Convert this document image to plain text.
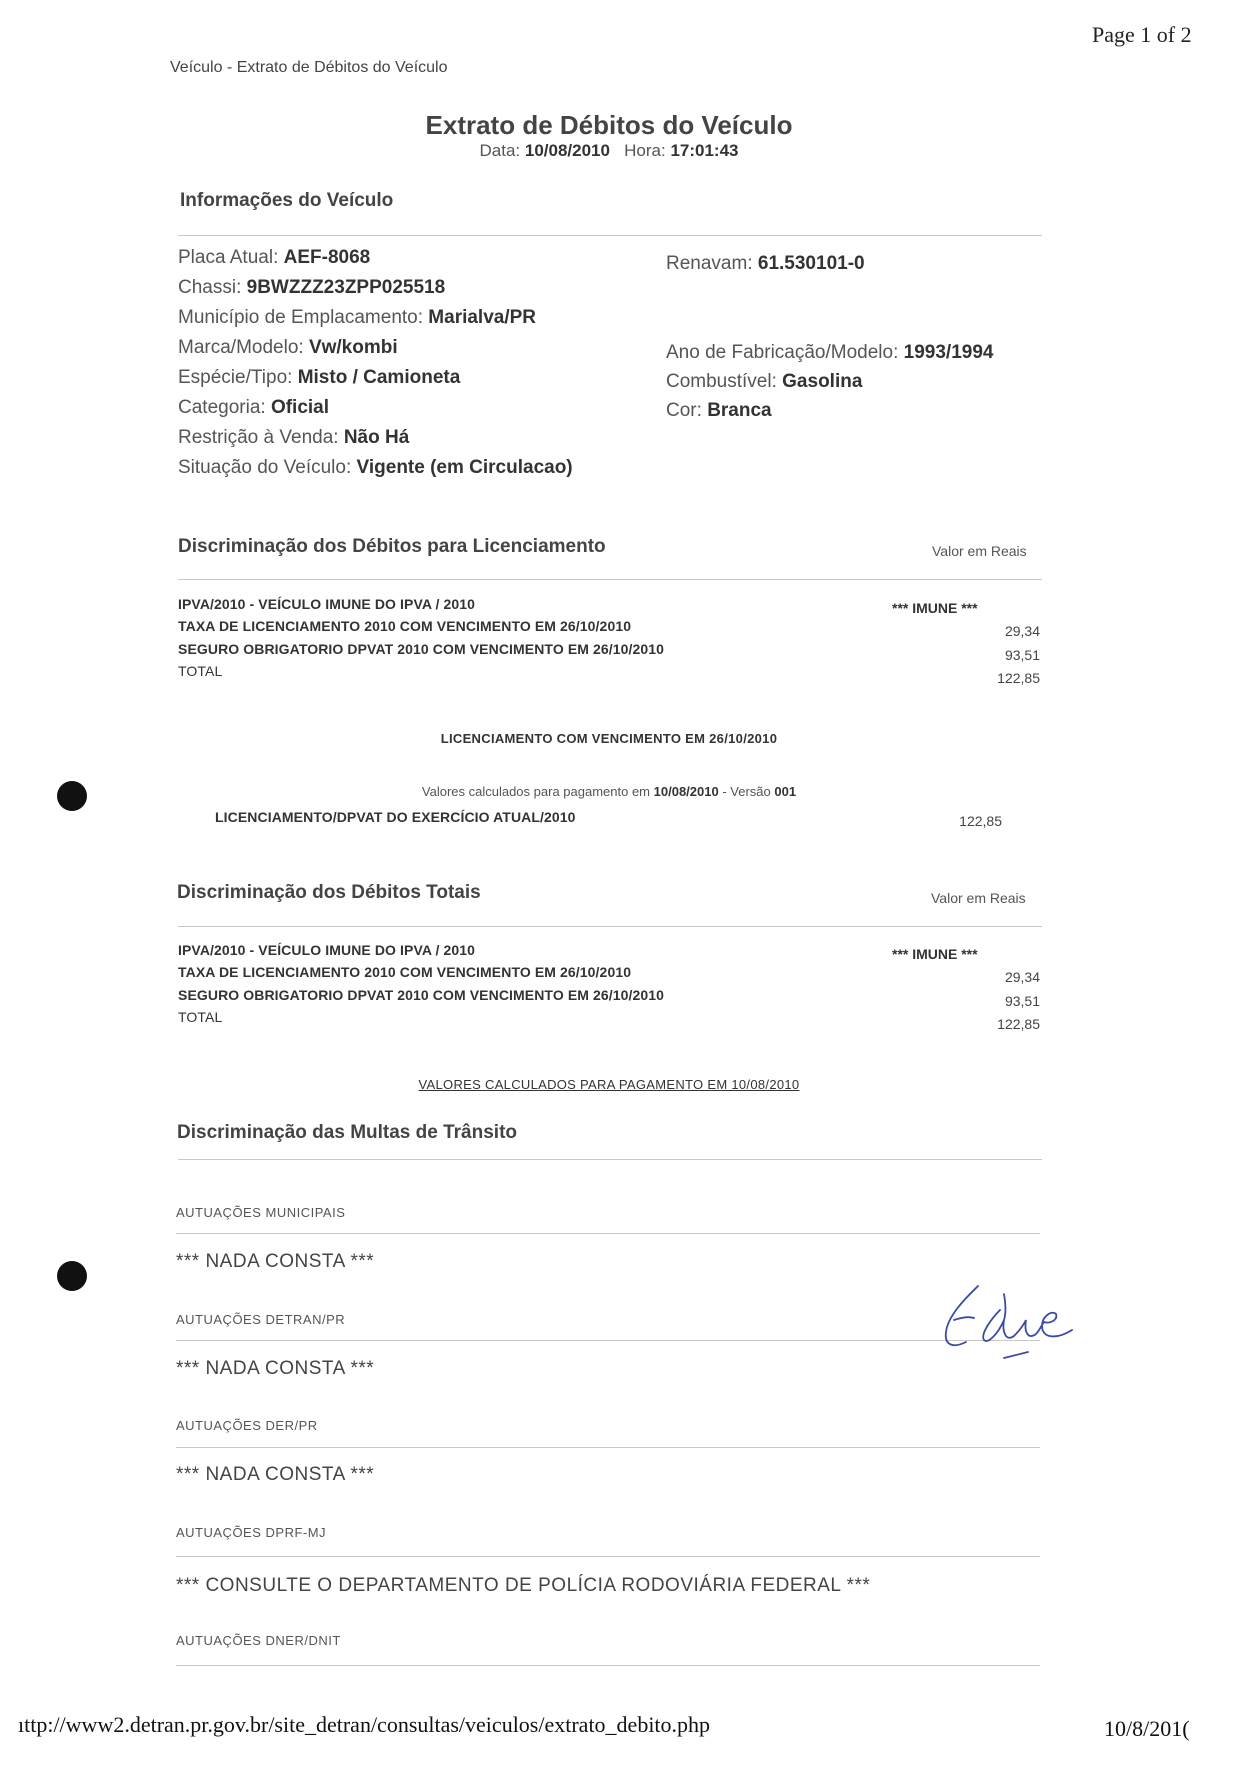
Page 1 of 2
Veículo - Extrato de Débitos do Veículo
Extrato de Débitos do Veículo
Data: 10/08/2010 Hora: 17:01:43
Informações do Veículo
Placa Atual: AEF-8068
Chassi: 9BWZZZ23ZPP025518
Município de Emplacamento: Marialva/PR
Marca/Modelo: Vw/kombi
Espécie/Tipo: Misto / Camioneta
Categoria: Oficial
Restrição à Venda: Não Há
Situação do Veículo: Vigente (em Circulacao)
Renavam: 61.530101-0
Ano de Fabricação/Modelo: 1993/1994
Combustível: Gasolina
Cor: Branca
Discriminação dos Débitos para Licenciamento	Valor em Reais
IPVA/2010 - VEÍCULO IMUNE DO IPVA / 2010	*** IMUNE ***
TAXA DE LICENCIAMENTO 2010 COM VENCIMENTO EM 26/10/2010	29,34
SEGURO OBRIGATORIO DPVAT 2010 COM VENCIMENTO EM 26/10/2010	93,51
TOTAL	122,85
LICENCIAMENTO COM VENCIMENTO EM 26/10/2010
Valores calculados para pagamento em 10/08/2010 - Versão 001
LICENCIAMENTO/DPVAT DO EXERCÍCIO ATUAL/2010	122,85
Discriminação dos Débitos Totais	Valor em Reais
IPVA/2010 - VEÍCULO IMUNE DO IPVA / 2010	*** IMUNE ***
TAXA DE LICENCIAMENTO 2010 COM VENCIMENTO EM 26/10/2010	29,34
SEGURO OBRIGATORIO DPVAT 2010 COM VENCIMENTO EM 26/10/2010	93,51
TOTAL	122,85
VALORES CALCULADOS PARA PAGAMENTO EM 10/08/2010
Discriminação das Multas de Trânsito
AUTUAÇÕES MUNICIPAIS
*** NADA CONSTA ***
AUTUAÇÕES DETRAN/PR
*** NADA CONSTA ***
AUTUAÇÕES DER/PR
*** NADA CONSTA ***
AUTUAÇÕES DPRF-MJ
*** CONSULTE O DEPARTAMENTO DE POLÍCIA RODOVIÁRIA FEDERAL ***
AUTUAÇÕES DNER/DNIT
ıttp://www2.detran.pr.gov.br/site_detran/consultas/veiculos/extrato_debito.php	10/8/201(
